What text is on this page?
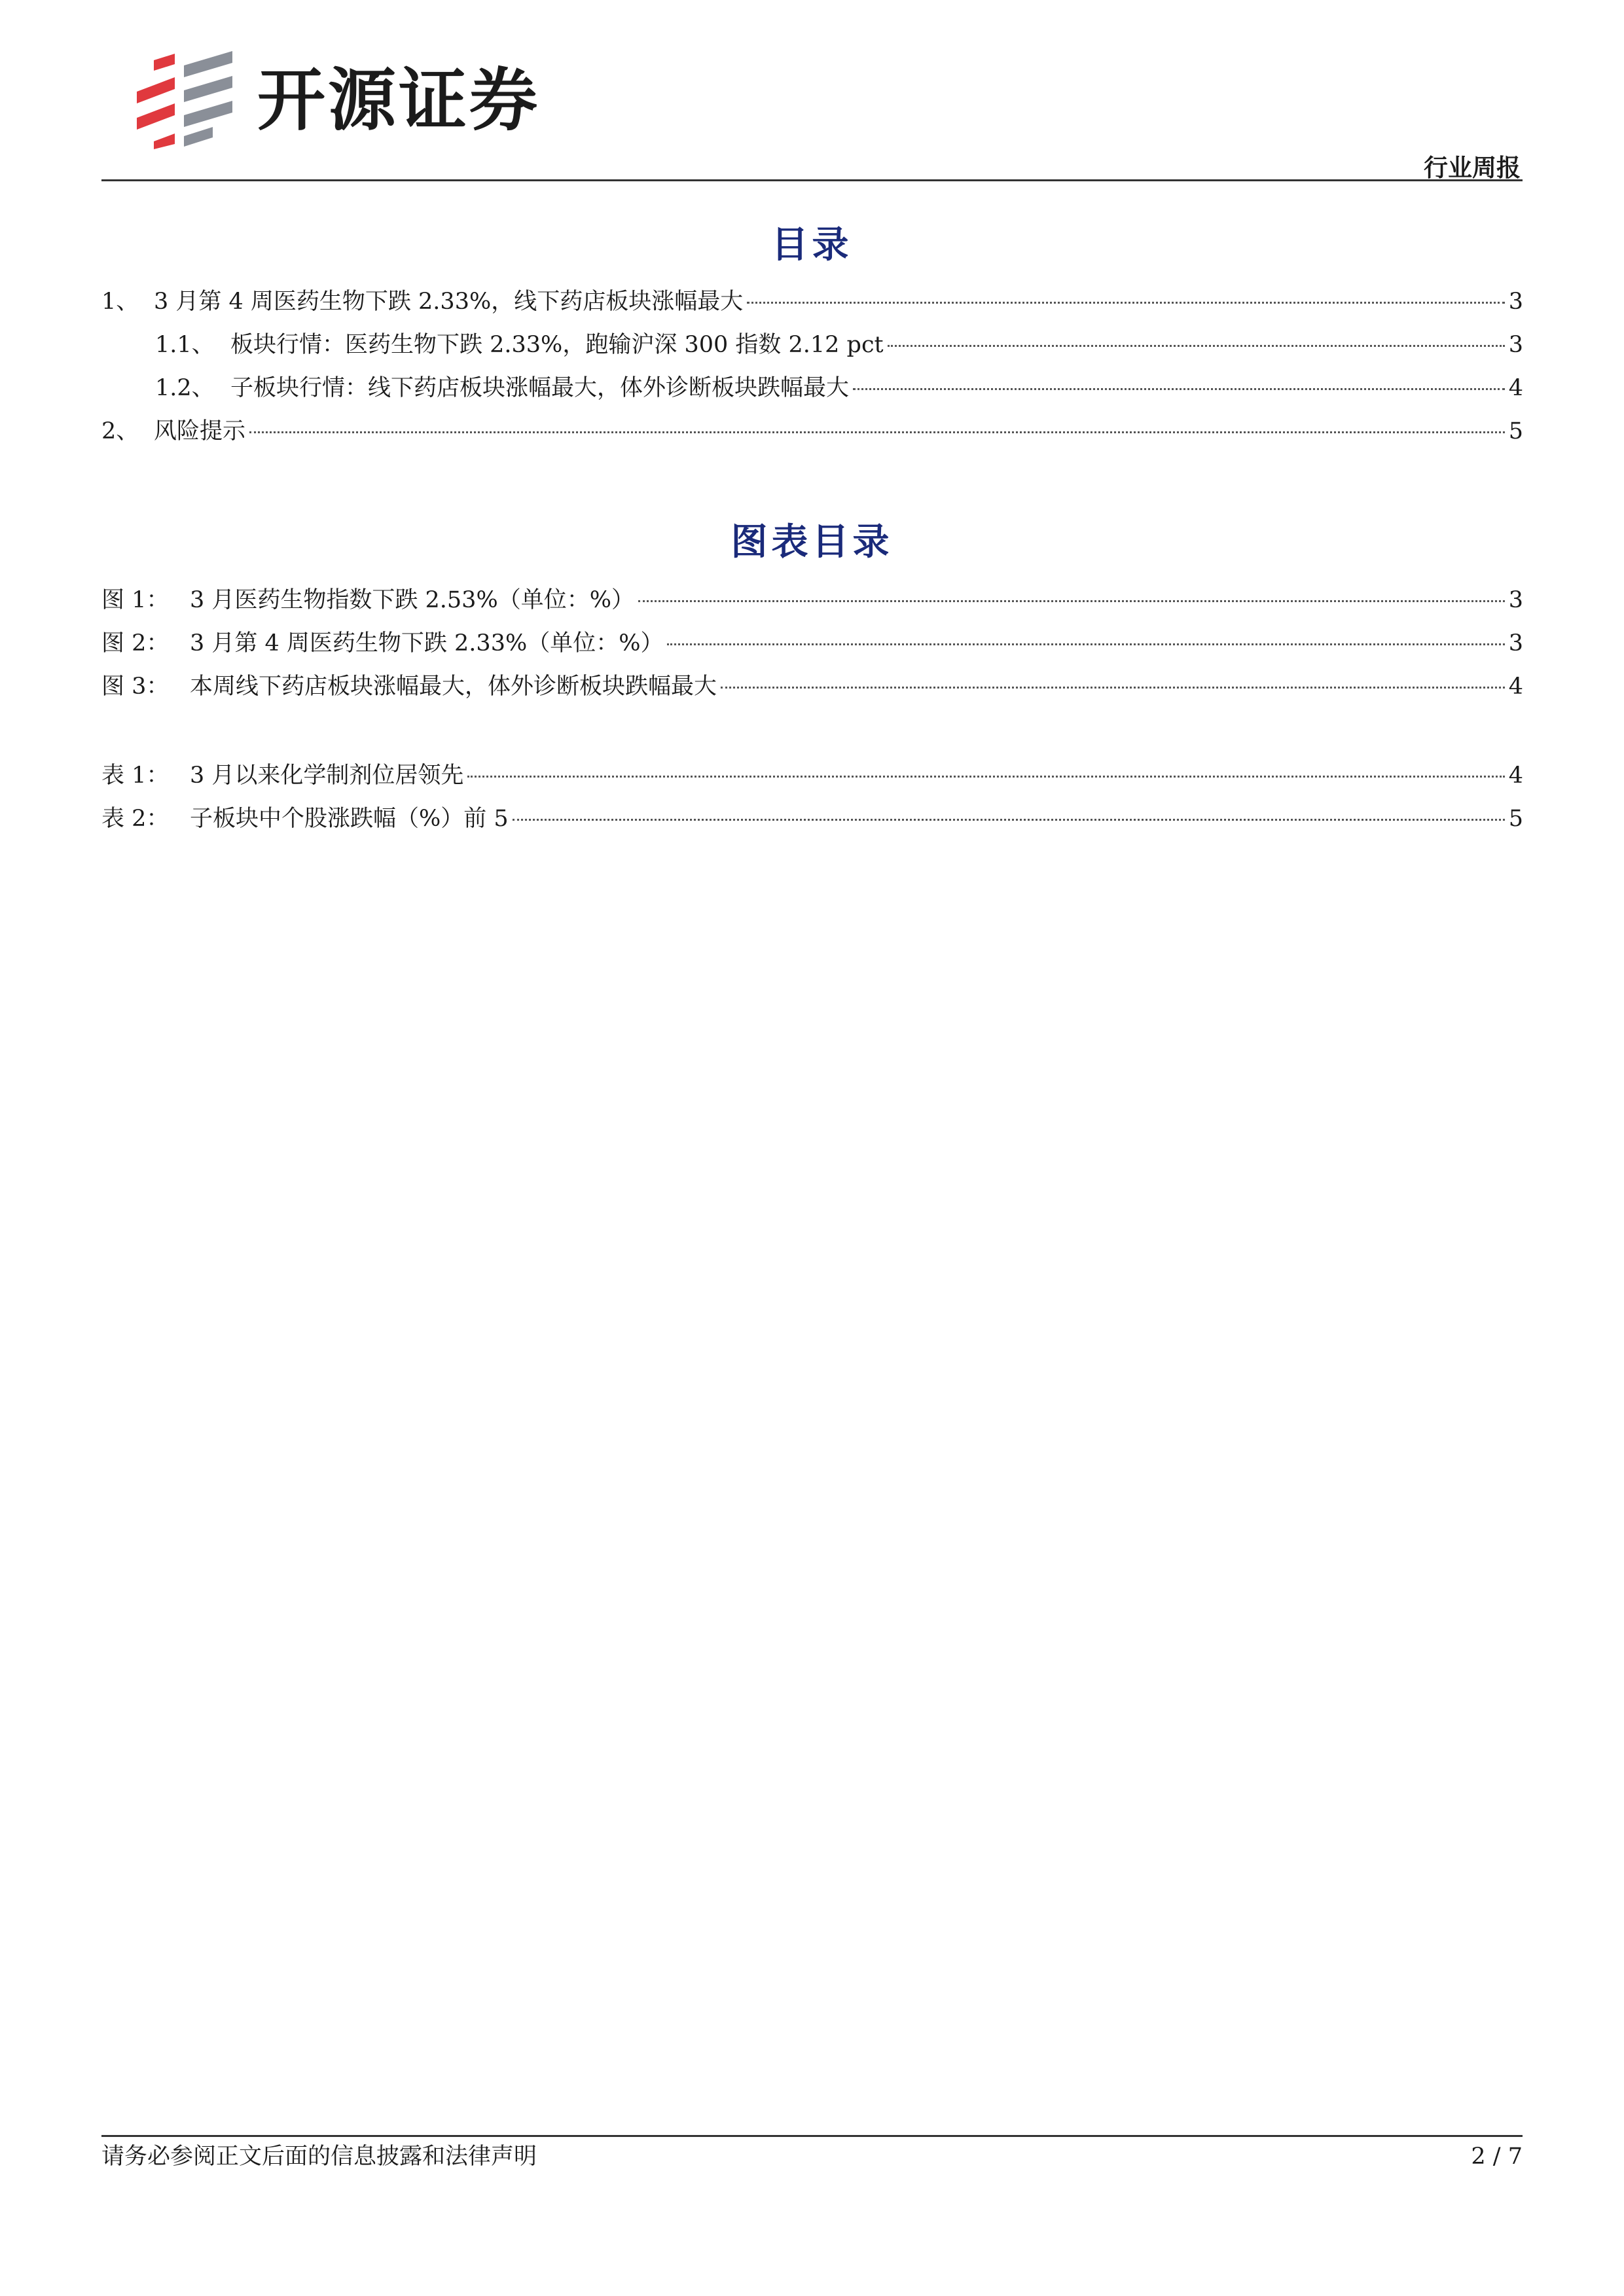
开源证券
行业周报
目录
1、 3 月第 4 周医药生物下跌 2.33%，线下药店板块涨幅最大	3
1.1、 板块行情：医药生物下跌 2.33%，跑输沪深 300 指数 2.12 pct	3
1.2、 子板块行情：线下药店板块涨幅最大，体外诊断板块跌幅最大	4
2、 风险提示	5
图表目录
图 1： 3 月医药生物指数下跌 2.53%（单位：%）	3
图 2： 3 月第 4 周医药生物下跌 2.33%（单位：%）	3
图 3： 本周线下药店板块涨幅最大，体外诊断板块跌幅最大	4
表 1： 3 月以来化学制剂位居领先	4
表 2： 子板块中个股涨跌幅（%）前 5	5
请务必参阅正文后面的信息披露和法律声明	2 / 7
